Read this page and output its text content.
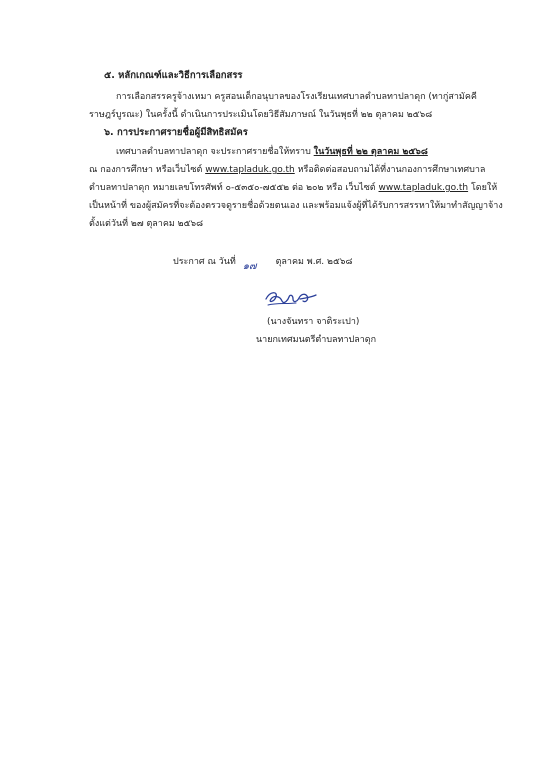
๕. หลักเกณฑ์และวิธีการเลือกสรร
การเลือกสรรครูจ้างเหมา ครูสอนเด็กอนุบาลของโรงเรียนเทศบาลตำบลทาปลาดุก (ทากู่สามัคคี
ราษฎร์บูรณะ) ในครั้งนี้ ดำเนินการประเมินโดยวิธีสัมภาษณ์ ในวันพุธที่ ๒๒ ตุลาคม ๒๕๖๘
๖. การประกาศรายชื่อผู้มีสิทธิสมัคร
เทศบาลตำบลทาปลาดุก จะประกาศรายชื่อให้ทราบ ในวันพุธที่ ๒๒ ตุลาคม ๒๕๖๘
ณ กองการศึกษา หรือเว็บไซต์ www.tapladuk.go.th หรือติดต่อสอบถามได้ที่งานกองการศึกษาเทศบาล
ตำบลทาปลาดุก หมายเลขโทรศัพท์ ๐-๕๓๕๐-๗๕๕๒ ต่อ ๒๐๒ หรือ เว็บไซต์ www.tapladuk.go.th โดยให้
เป็นหน้าที่ ของผู้สมัครที่จะต้องตรวจดูรายชื่อด้วยตนเอง และพร้อมแจ้งผู้ที่ได้รับการสรรหาให้มาทำสัญญาจ้าง
ตั้งแต่วันที่ ๒๗ ตุลาคม ๒๕๖๘
ประกาศ ณ วันที่ ๑๗ ตุลาคม พ.ศ. ๒๕๖๘
(นางจันทรา จาติระเปา)
นายกเทศมนตรีตำบลทาปลาดุก
